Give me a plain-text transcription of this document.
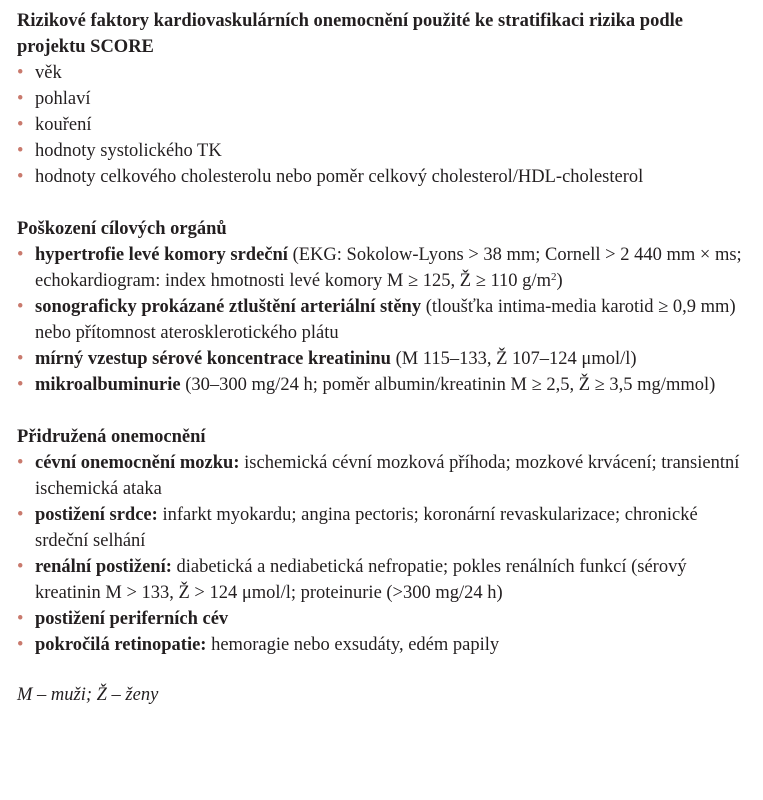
Rizikové faktory kardiovaskulárních onemocnění použité ke stratifikaci rizika podle projektu SCORE

• věk
• pohlaví
• kouření
• hodnoty systolického TK
• hodnoty celkového cholesterolu nebo poměr celkový cholesterol/HDL-cholesterol

Poškození cílových orgánů

• hypertrofie levé komory srdeční (EKG: Sokolow-Lyons > 38 mm; Cornell > 2 440 mm × ms; echokardiogram: index hmotnosti levé komory M ≥ 125, Ž ≥ 110 $g/m^2$)
• sonograficky prokázané ztluštění arteriální stěny (tloušťka intima-media karotid ≥ 0,9 mm) nebo přítomnost aterosklerotického plátu
• mírný vzestup sérové koncentrace kreatininu (M 115–133, Ž 107–124 μmol/l)
• mikroalbuminurie (30–300 mg/24 h; poměr albumin/kreatinin M ≥ 2,5, Ž ≥ 3,5 mg/mmol)

Přidružená onemocnění

• cévní onemocnění mozku: ischemická cévní mozková příhoda; mozkové krvácení; transientní ischemická ataka
• postižení srdce: infarkt myokardu; angina pectoris; koronární revaskularizace; chronické srdeční selhání
• renální postižení: diabetická a nediabetická nefropatie; pokles renálních funkcí (sérový kreatinin M > 133, Ž > 124 μmol/l; proteinurie (>300 mg/24 h)
• postižení periferních cév
• pokročilá retinopatie: hemoragie nebo exsudáty, edém papily

M – muži; Ž – ženy
